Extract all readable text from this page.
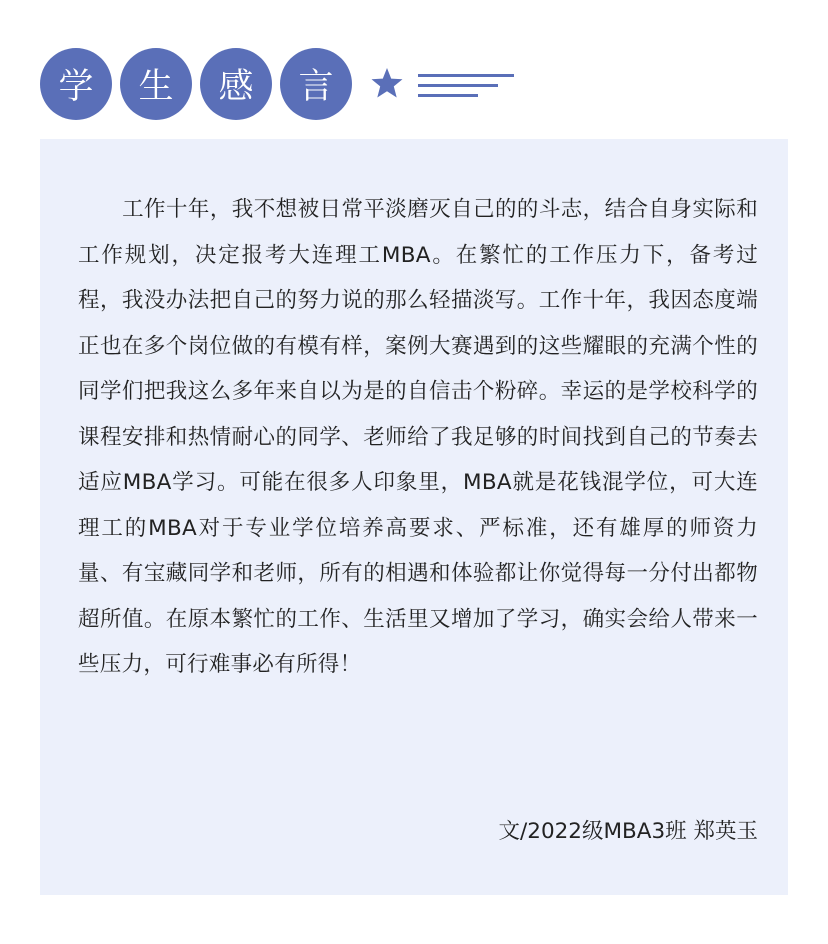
学	生	感	言
工作十年，我不想被日常平淡磨灭自己的的斗志，结合自身实际和工作规划，决定报考大连理工MBA。在繁忙的工作压力下，备考过程，我没办法把自己的努力说的那么轻描淡写。工作十年，我因态度端正也在多个岗位做的有模有样，案例大赛遇到的这些耀眼的充满个性的同学们把我这么多年来自以为是的自信击个粉碎。幸运的是学校科学的课程安排和热情耐心的同学、老师给了我足够的时间找到自己的节奏去适应MBA学习。可能在很多人印象里，MBA就是花钱混学位，可大连理工的MBA对于专业学位培养高要求、严标准，还有雄厚的师资力量、有宝藏同学和老师，所有的相遇和体验都让你觉得每一分付出都物超所值。在原本繁忙的工作、生活里又增加了学习，确实会给人带来一些压力，可行难事必有所得！
文/2022级MBA3班 郑英玉
